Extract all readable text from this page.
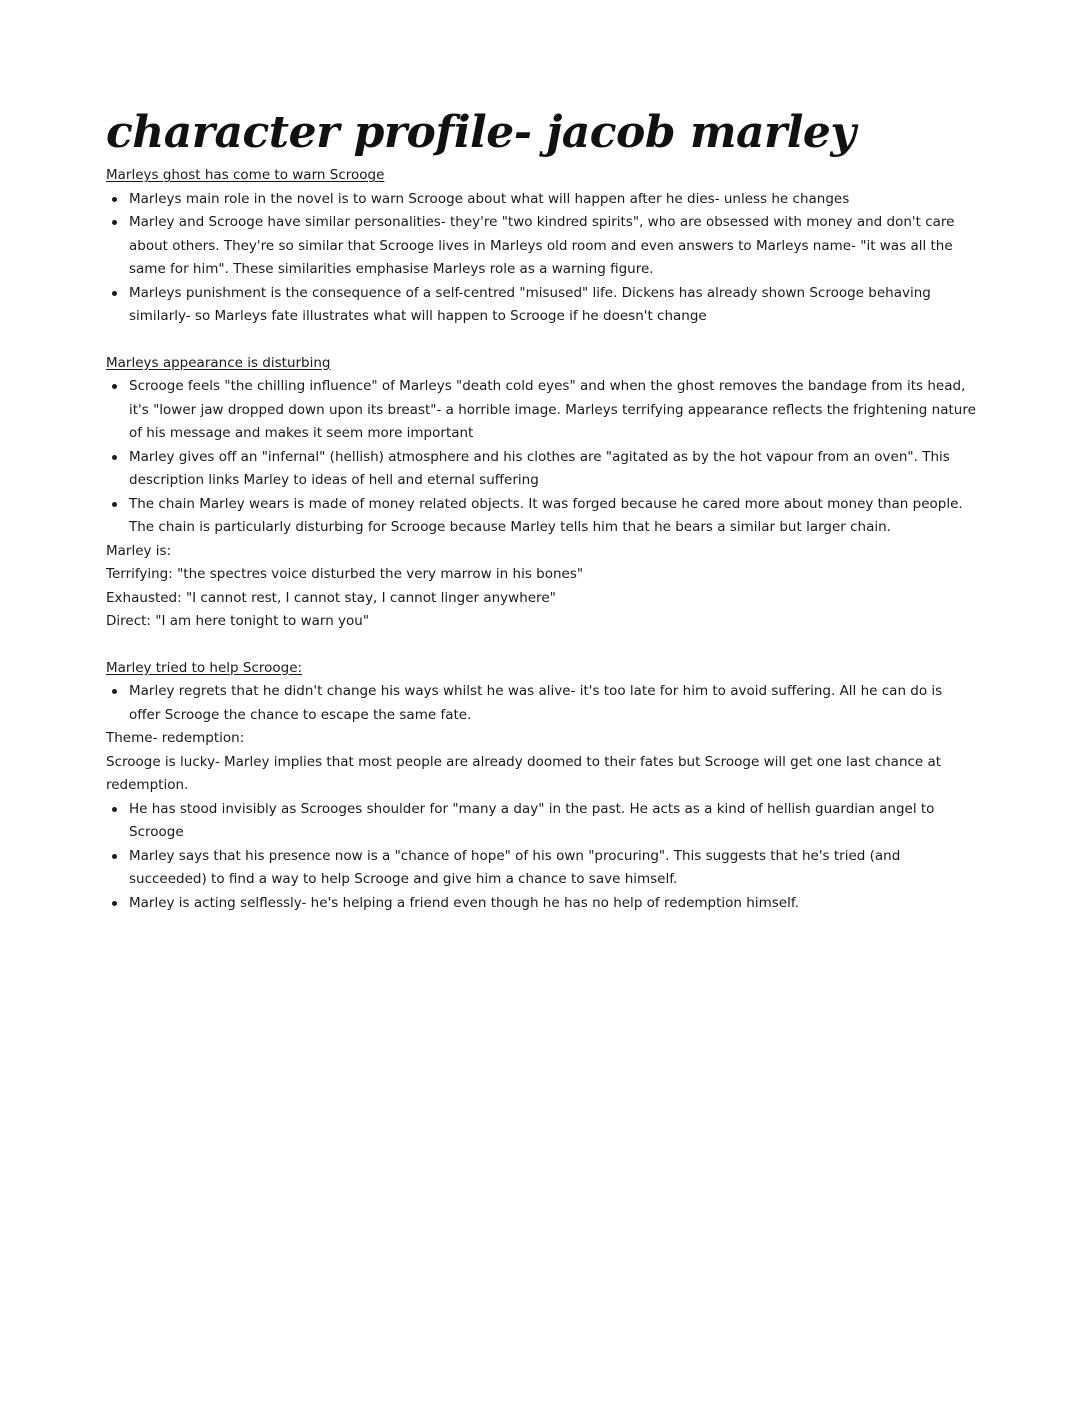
character profile- jacob marley

Marleys ghost has come to warn Scrooge

Marleys main role in the novel is to warn Scrooge about what will happen after he dies- unless he changes
Marley and Scrooge have similar personalities- they're "two kindred spirits", who are obsessed with money and don't care about others. They're so similar that Scrooge lives in Marleys old room and even answers to Marleys name- "it was all the same for him". These similarities emphasise Marleys role as a warning figure.
Marleys punishment is the consequence of a self-centred "misused" life. Dickens has already shown Scrooge behaving similarly- so Marleys fate illustrates what will happen to Scrooge if he doesn't change

Marleys appearance is disturbing

Scrooge feels "the chilling influence" of Marleys "death cold eyes" and when the ghost removes the bandage from its head, it's "lower jaw dropped down upon its breast"- a horrible image. Marleys terrifying appearance reflects the frightening nature of his message and makes it seem more important
Marley gives off an "infernal" (hellish) atmosphere and his clothes are "agitated as by the hot vapour from an oven". This description links Marley to ideas of hell and eternal suffering
The chain Marley wears is made of money related objects. It was forged because he cared more about money than people. The chain is particularly disturbing for Scrooge because Marley tells him that he bears a similar but larger chain.

Marley is:

Terrifying: "the spectres voice disturbed the very marrow in his bones"

Exhausted: "I cannot rest, I cannot stay, I cannot linger anywhere"

Direct: "I am here tonight to warn you"

Marley tried to help Scrooge:

Marley regrets that he didn't change his ways whilst he was alive- it's too late for him to avoid suffering. All he can do is offer Scrooge the chance to escape the same fate.

Theme- redemption:

Scrooge is lucky- Marley implies that most people are already doomed to their fates but Scrooge will get one last chance at redemption.

He has stood invisibly as Scrooges shoulder for "many a day" in the past. He acts as a kind of hellish guardian angel to Scrooge
Marley says that his presence now is a "chance of hope" of his own "procuring". This suggests that he's tried (and succeeded) to find a way to help Scrooge and give him a chance to save himself.
Marley is acting selflessly- he's helping a friend even though he has no help of redemption himself.
